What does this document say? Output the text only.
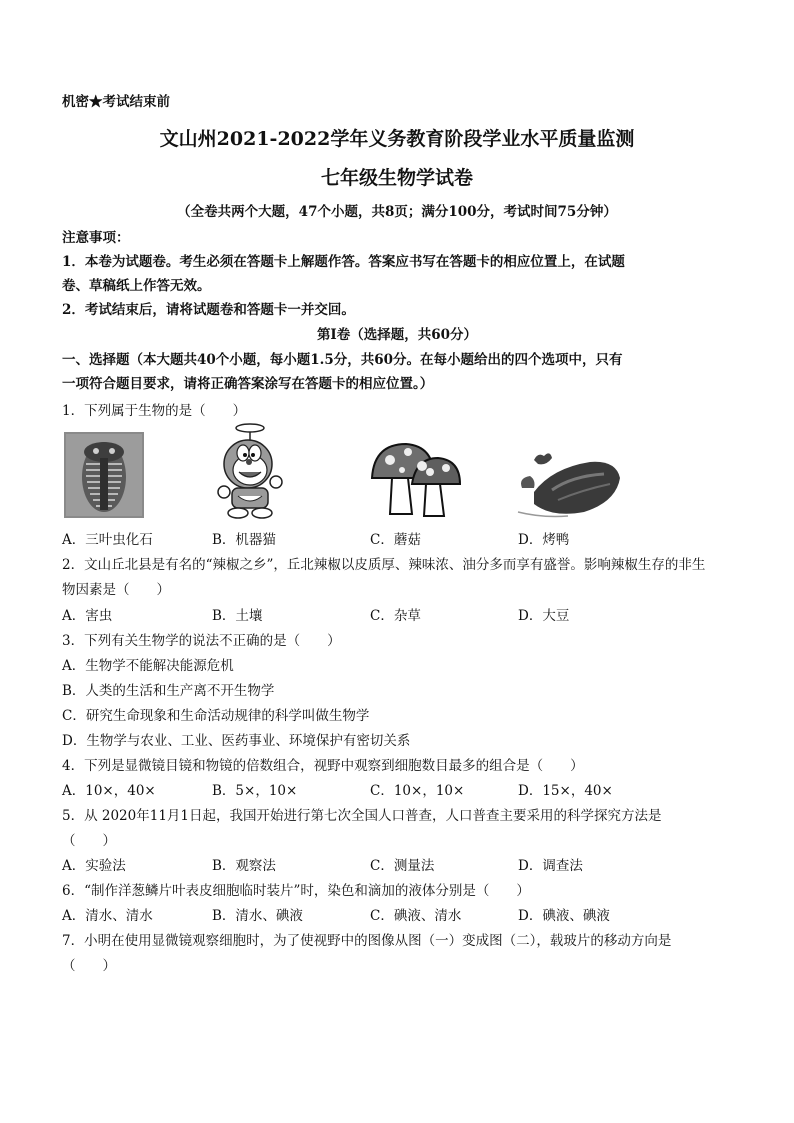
机密★考试结束前
文山州2021-2022学年义务教育阶段学业水平质量监测
七年级生物学试卷
（全卷共两个大题，47个小题，共8页；满分100分，考试时间75分钟）
注意事项：
1．本卷为试题卷。考生必须在答题卡上解题作答。答案应书写在答题卡的相应位置上，在试题
卷、草稿纸上作答无效。
2．考试结束后，请将试题卷和答题卡一并交回。
第Ⅰ卷（选择题，共60分）
一、选择题（本大题共40个小题，每小题1.5分，共60分。在每小题给出的四个选项中，只有
一项符合题目要求，请将正确答案涂写在答题卡的相应位置。）
1．下列属于生物的是（　　）
A．三叶虫化石	B．机器猫	C．蘑菇	D．烤鸭
2．文山丘北县是有名的“辣椒之乡”，丘北辣椒以皮质厚、辣味浓、油分多而享有盛誉。影响辣椒生存的非生
物因素是（　　）
A．害虫	B．土壤	C．杂草	D．大豆
3．下列有关生物学的说法不正确的是（　　）
A．生物学不能解决能源危机
B．人类的生活和生产离不开生物学
C．研究生命现象和生命活动规律的科学叫做生物学
D．生物学与农业、工业、医药事业、环境保护有密切关系
4．下列是显微镜目镜和物镜的倍数组合，视野中观察到细胞数目最多的组合是（　　）
A．10×，40×	B．5×，10×	C．10×，10×	D．15×，40×
5．从 2020年11月1日起，我国开始进行第七次全国人口普查，人口普查主要采用的科学探究方法是
（　　）
A．实验法	B．观察法	C．测量法	D．调查法
6．“制作洋葱鳞片叶表皮细胞临时装片”时，染色和滴加的液体分别是（　　）
A．清水、清水	B．清水、碘液	C．碘液、清水	D．碘液、碘液
7．小明在使用显微镜观察细胞时，为了使视野中的图像从图（一）变成图（二），载玻片的移动方向是
（　　）
